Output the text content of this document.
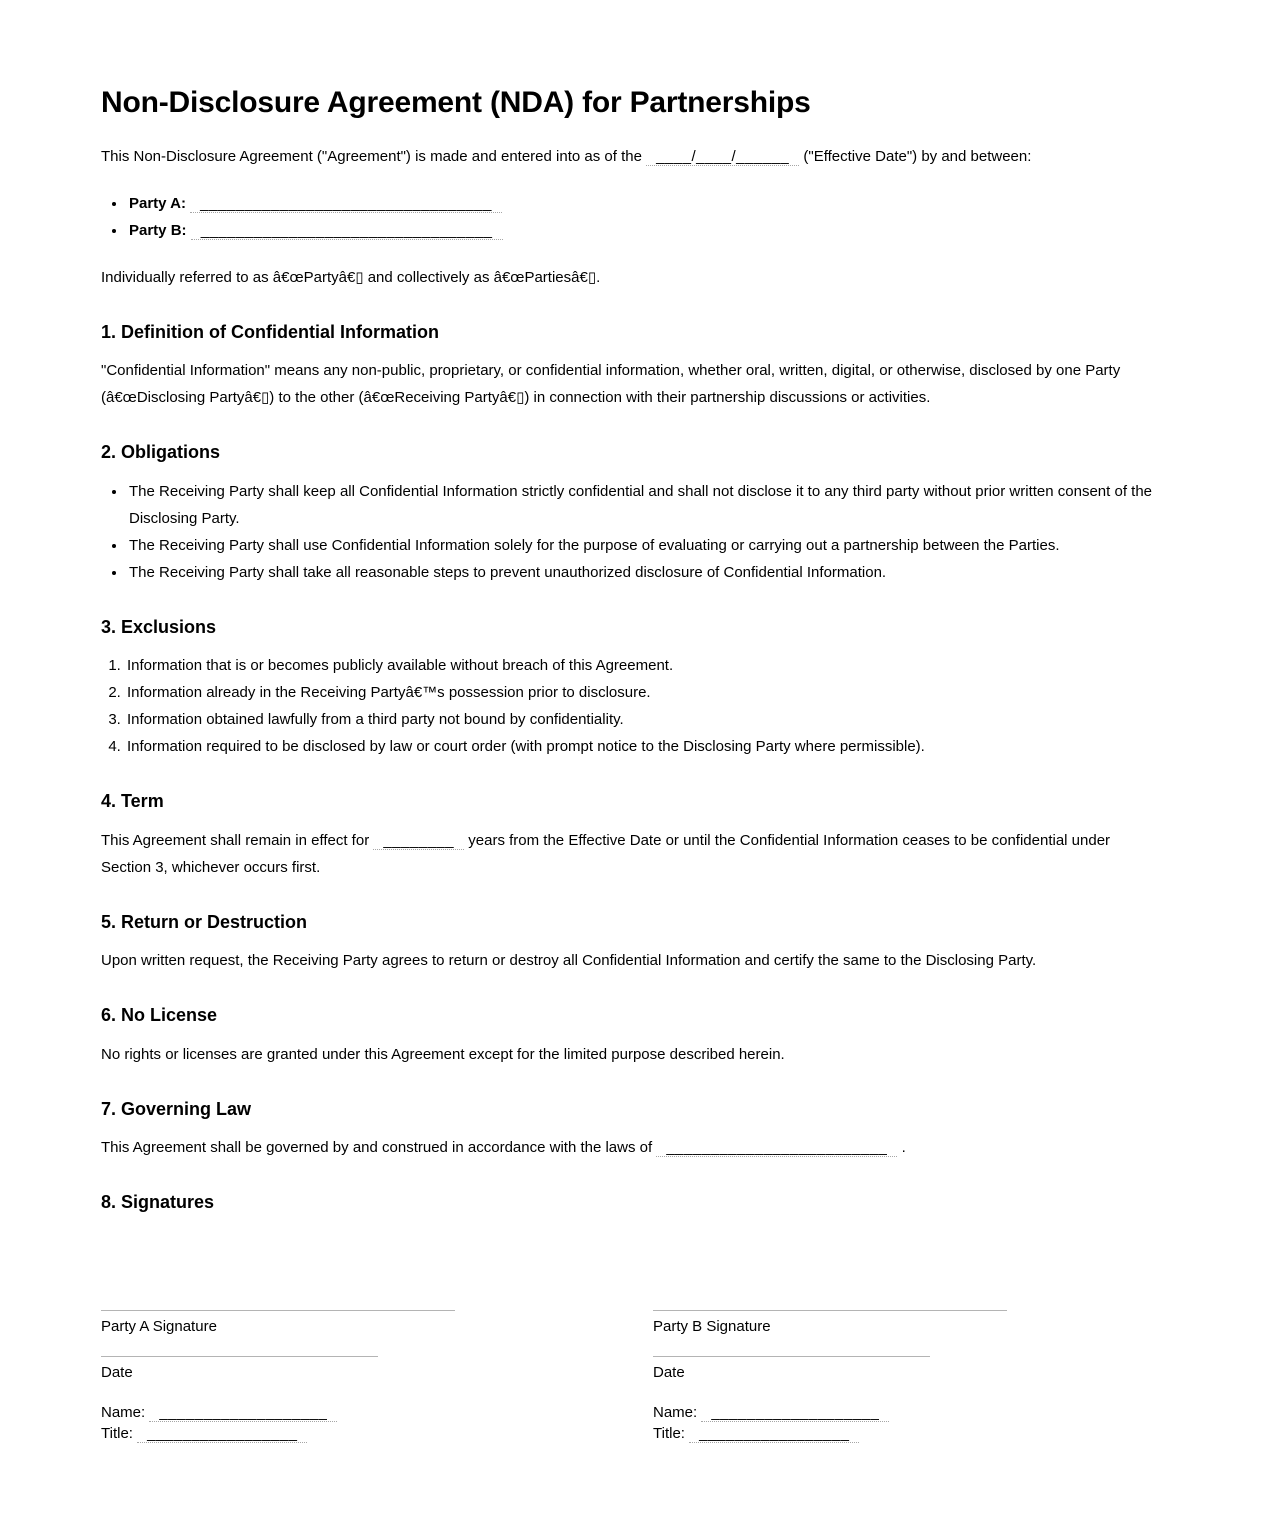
Non-Disclosure Agreement (NDA) for Partnerships

This Non-Disclosure Agreement ("Agreement") is made and entered into as of the ____/____/______ ("Effective Date") by and between:

• Party A: _________________________________
• Party B: _________________________________

Individually referred to as â€œPartyâ€▯ and collectively as â€œPartiesâ€▯.

1. Definition of Confidential Information

"Confidential Information" means any non-public, proprietary, or confidential information, whether oral, written, digital, or otherwise, disclosed by one Party (â€œDisclosing Partyâ€▯) to the other (â€œReceiving Partyâ€▯) in connection with their partnership discussions or activities.

2. Obligations
• The Receiving Party shall keep all Confidential Information strictly confidential and shall not disclose it to any third party without prior written consent of the Disclosing Party.
• The Receiving Party shall use Confidential Information solely for the purpose of evaluating or carrying out a partnership between the Parties.
• The Receiving Party shall take all reasonable steps to prevent unauthorized disclosure of Confidential Information.
3. Exclusions
1. Information that is or becomes publicly available without breach of this Agreement.
2. Information already in the Receiving Partyâ€™s possession prior to disclosure.
3. Information obtained lawfully from a third party not bound by confidentiality.
4. Information required to be disclosed by law or court order (with prompt notice to the Disclosing Party where permissible).
4. Term

This Agreement shall remain in effect for ________ years from the Effective Date or until the Confidential Information ceases to be confidential under Section 3, whichever occurs first.

5. Return or Destruction

Upon written request, the Receiving Party agrees to return or destroy all Confidential Information and certify the same to the Disclosing Party.

6. No License

No rights or licenses are granted under this Agreement except for the limited purpose described herein.

7. Governing Law

This Agreement shall be governed by and construed in accordance with the laws of _________________________ .

8. Signatures
Party A Signature
Date
Name: ___________________
Title: _________________
Party B Signature
Date
Name: ___________________
Title: _________________
